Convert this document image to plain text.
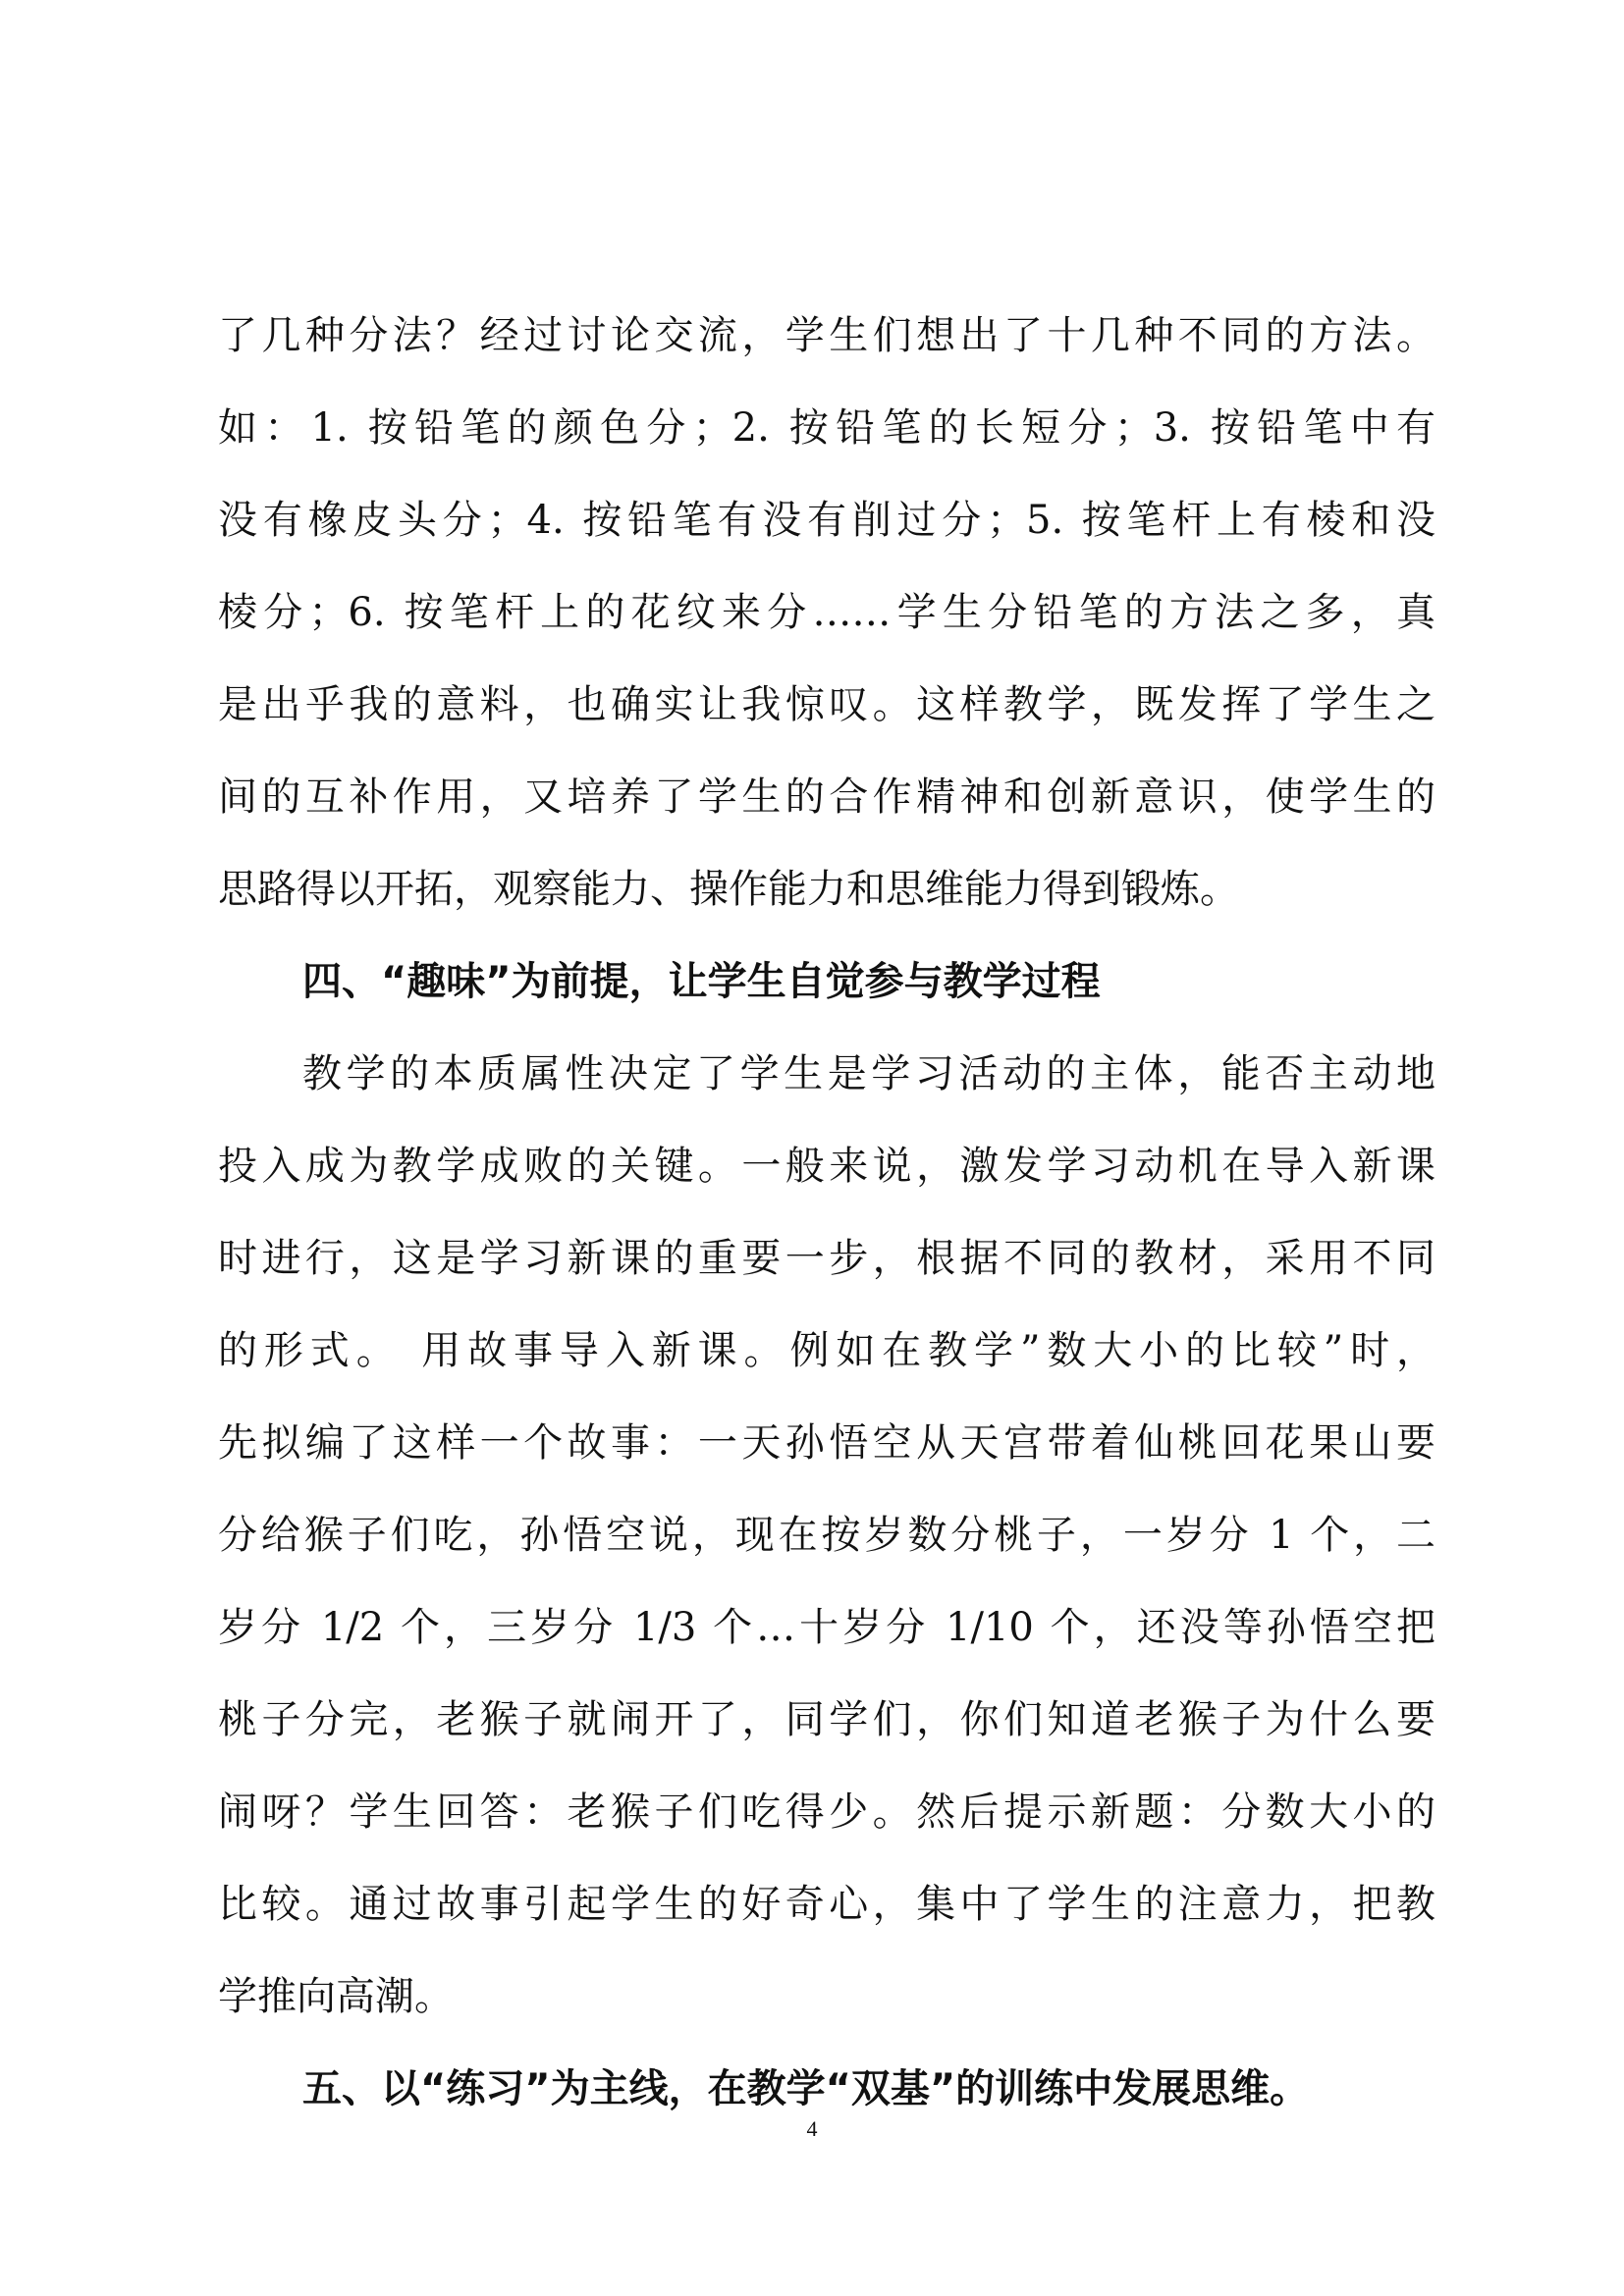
了几种分法？经过讨论交流，学生们想出了十几种不同的方法。
如：1. 按铅笔的颜色分；2. 按铅笔的长短分；3. 按铅笔中有
没有橡皮头分；4. 按铅笔有没有削过分；5. 按笔杆上有棱和没
棱分；6. 按笔杆上的花纹来分……学生分铅笔的方法之多，真
是出乎我的意料，也确实让我惊叹。这样教学，既发挥了学生之
间的互补作用，又培养了学生的合作精神和创新意识，使学生的
思路得以开拓，观察能力、操作能力和思维能力得到锻炼。
四、“趣味”为前提，让学生自觉参与教学过程
教学的本质属性决定了学生是学习活动的主体，能否主动地
投入成为教学成败的关键。一般来说，激发学习动机在导入新课
时进行，这是学习新课的重要一步，根据不同的教材，采用不同
的形式。 用故事导入新课。例如在教学”数大小的比较”时，
先拟编了这样一个故事：一天孙悟空从天宫带着仙桃回花果山要
分给猴子们吃，孙悟空说，现在按岁数分桃子，一岁分 1 个，二
岁分 1/2 个，三岁分 1/3 个…十岁分 1/10 个，还没等孙悟空把
桃子分完，老猴子就闹开了，同学们，你们知道老猴子为什么要
闹呀？学生回答：老猴子们吃得少。然后提示新题：分数大小的
比较。通过故事引起学生的好奇心，集中了学生的注意力，把教
学推向高潮。
五、以“练习”为主线，在教学“双基”的训练中发展思维。
4
